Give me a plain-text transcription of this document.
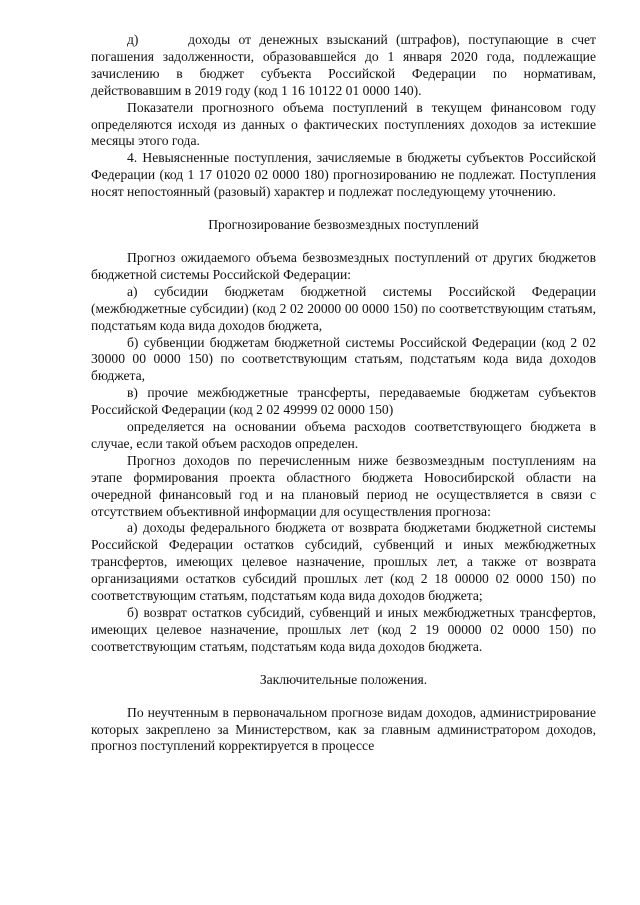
д)      доходы от денежных взысканий (штрафов), поступающие в счет погашения задолженности, образовавшейся до 1 января 2020 года, подлежащие зачислению в бюджет субъекта Российской Федерации по нормативам, действовавшим в 2019 году (код 1 16 10122 01 0000 140).

Показатели прогнозного объема поступлений в текущем финансовом году определяются исходя из данных о фактических поступлениях доходов за истекшие месяцы этого года.

4. Невыясненные поступления, зачисляемые в бюджеты субъектов Российской Федерации (код 1 17 01020 02 0000 180) прогнозированию не подлежат. Поступления носят непостоянный (разовый) характер и подлежат последующему уточнению.

Прогнозирование безвозмездных поступлений

Прогноз ожидаемого объема безвозмездных поступлений от других бюджетов бюджетной системы Российской Федерации:

а) субсидии бюджетам бюджетной системы Российской Федерации (межбюджетные субсидии) (код 2 02 20000 00 0000 150) по соответствующим статьям, подстатьям кода вида доходов бюджета,

б) субвенции бюджетам бюджетной системы Российской Федерации (код 2 02 30000 00 0000 150) по соответствующим статьям, подстатьям кода вида доходов бюджета,

в) прочие межбюджетные трансферты, передаваемые бюджетам субъектов Российской Федерации (код 2 02 49999 02 0000 150)

определяется на основании объема расходов соответствующего бюджета в случае, если такой объем расходов определен.

Прогноз доходов по перечисленным ниже безвозмездным поступлениям на этапе формирования проекта областного бюджета Новосибирской области на очередной финансовый год и на плановый период не осуществляется в связи с отсутствием объективной информации для осуществления прогноза:

а) доходы федерального бюджета от возврата бюджетами бюджетной системы Российской Федерации остатков субсидий, субвенций и иных межбюджетных трансфертов, имеющих целевое назначение, прошлых лет, а также от возврата организациями остатков субсидий прошлых лет (код 2 18 00000 02 0000 150) по соответствующим статьям, подстатьям кода вида доходов бюджета;

б) возврат остатков субсидий, субвенций и иных межбюджетных трансфертов, имеющих целевое назначение, прошлых лет (код 2 19 00000 02 0000 150) по соответствующим статьям, подстатьям кода вида доходов бюджета.

Заключительные положения.

По неучтенным в первоначальном прогнозе видам доходов, администрирование которых закреплено за Министерством, как за главным администратором доходов, прогноз поступлений корректируется в процессе
